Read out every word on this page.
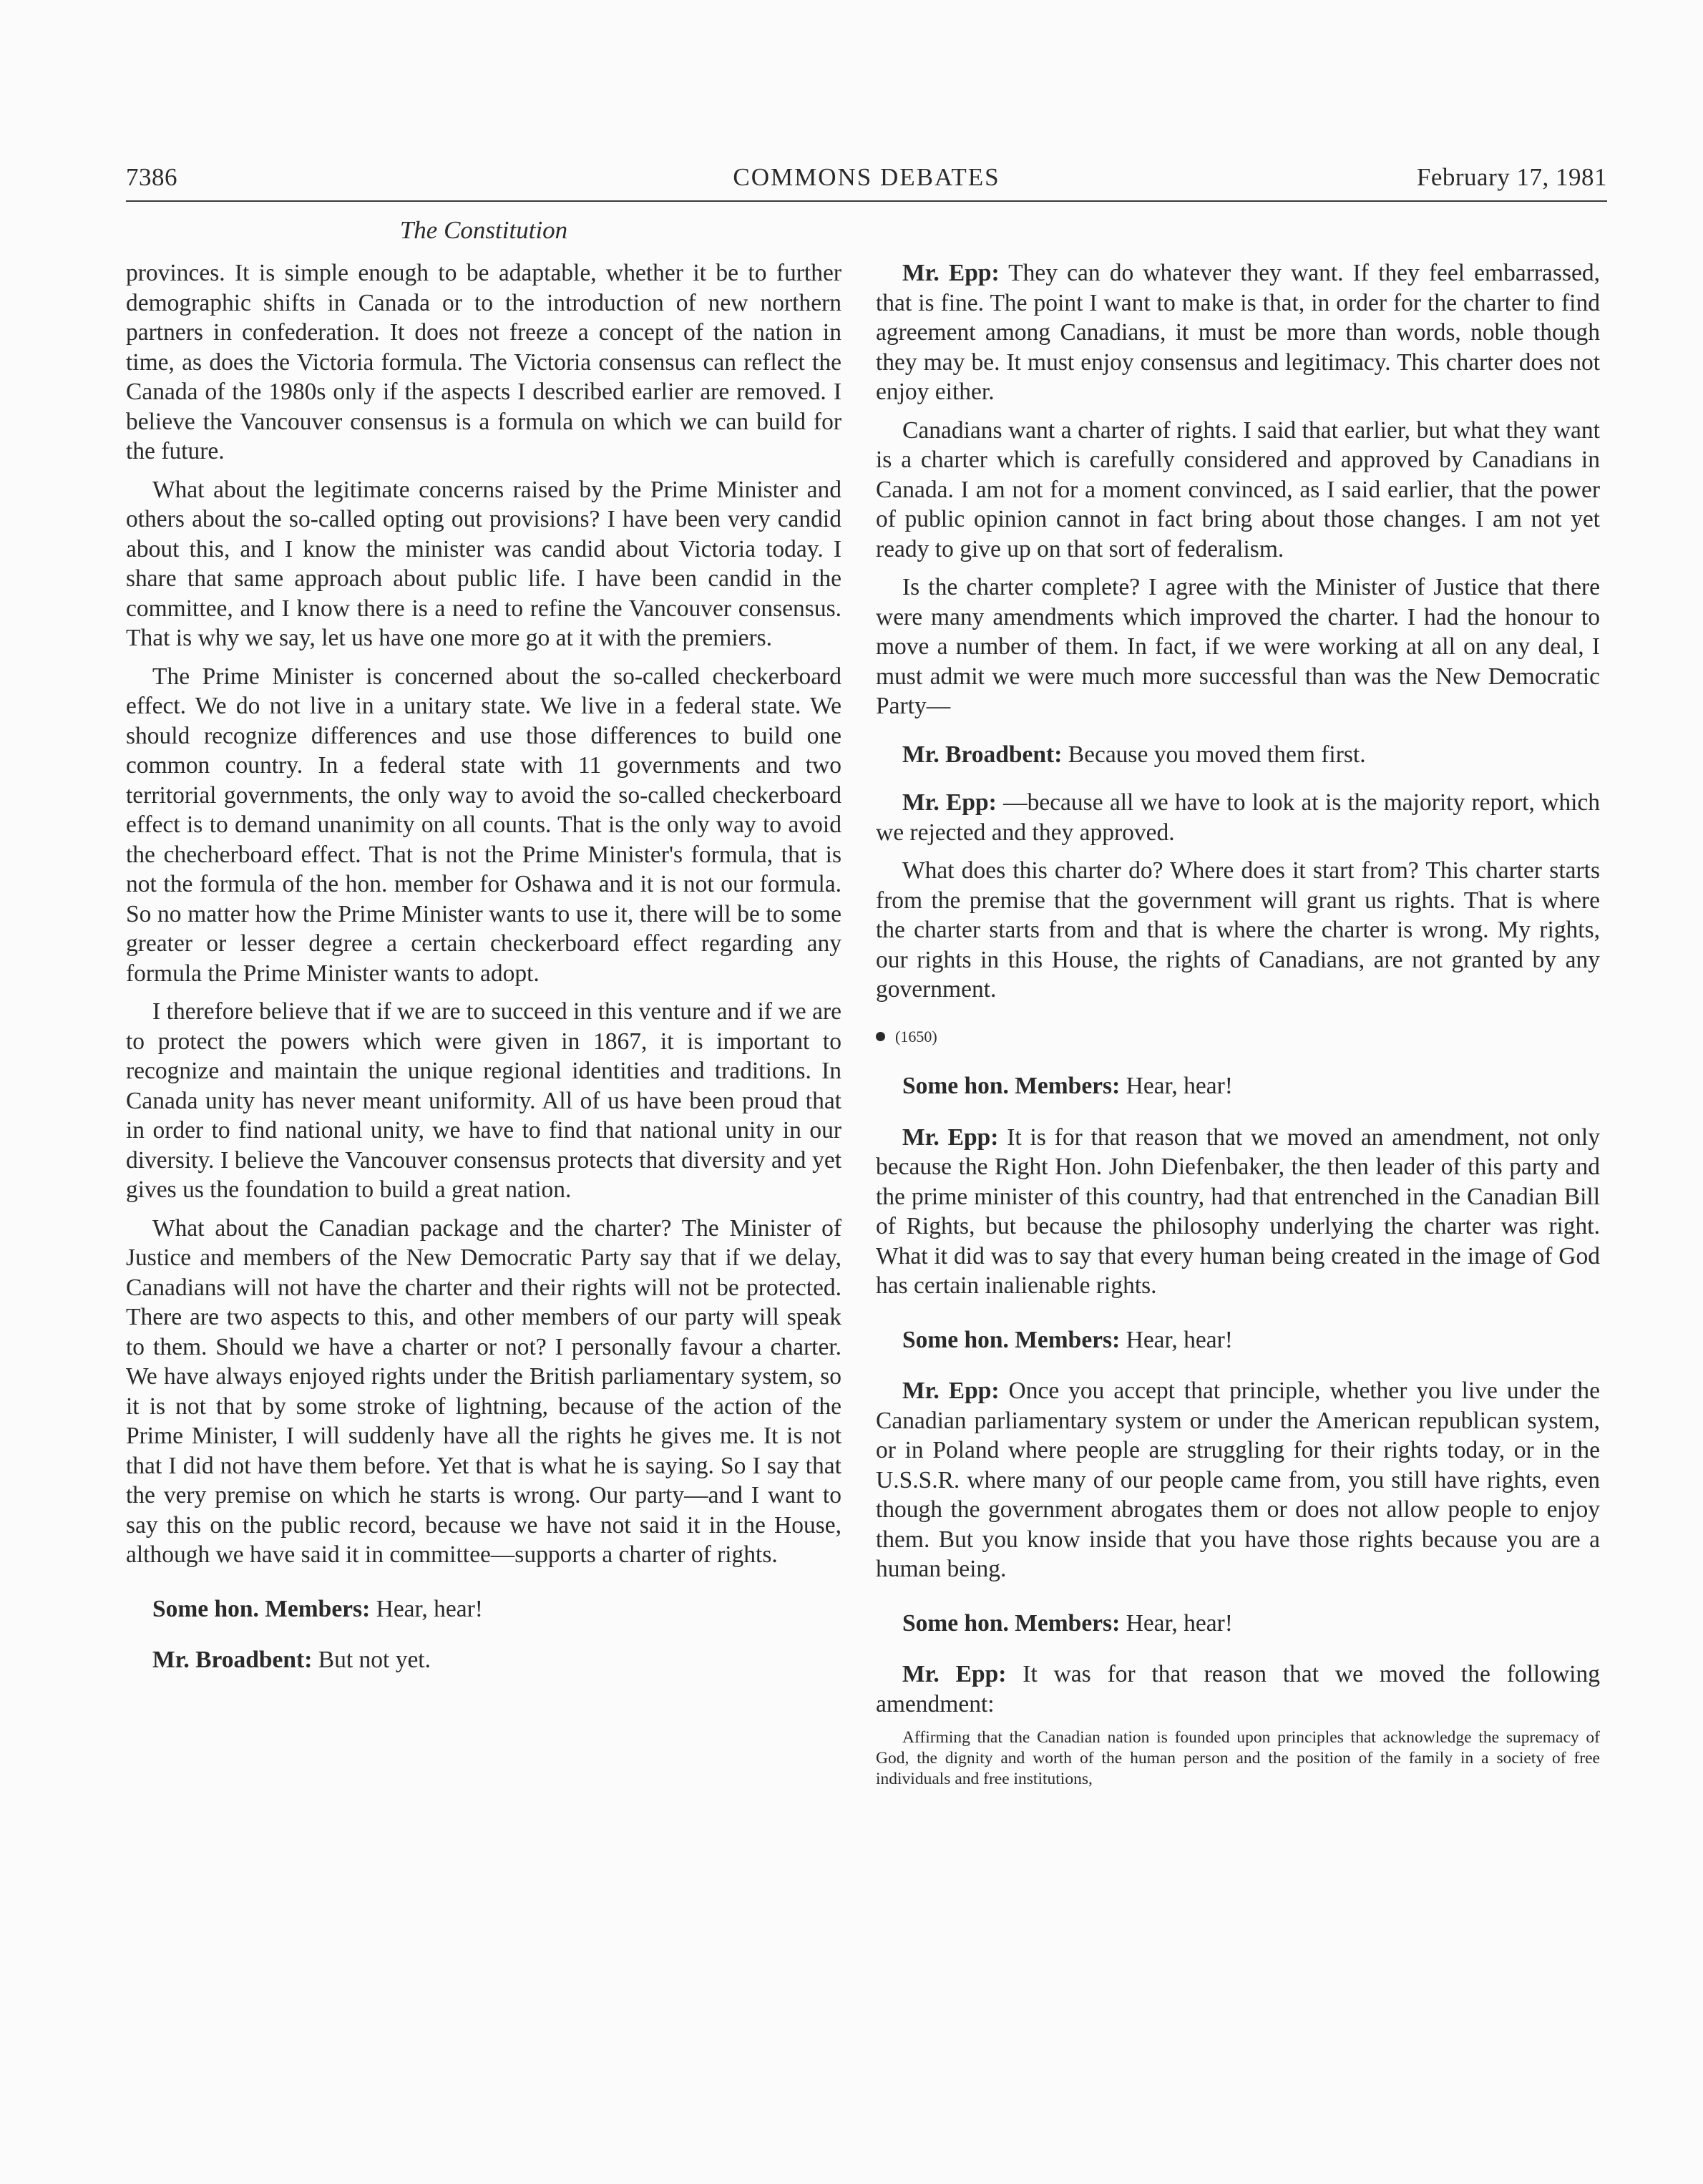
7386	COMMONS DEBATES	February 17, 1981
The Constitution

provinces. It is simple enough to be adaptable, whether it be to further demographic shifts in Canada or to the introduction of new northern partners in confederation. It does not freeze a concept of the nation in time, as does the Victoria formula. The Victoria consensus can reflect the Canada of the 1980s only if the aspects I described earlier are removed. I believe the Vancouver consensus is a formula on which we can build for the future.

What about the legitimate concerns raised by the Prime Minister and others about the so-called opting out provisions? I have been very candid about this, and I know the minister was candid about Victoria today. I share that same approach about public life. I have been candid in the committee, and I know there is a need to refine the Vancouver consensus. That is why we say, let us have one more go at it with the premiers.

The Prime Minister is concerned about the so-called checkerboard effect. We do not live in a unitary state. We live in a federal state. We should recognize differences and use those differences to build one common country. In a federal state with 11 governments and two territorial governments, the only way to avoid the so-called checkerboard effect is to demand unanimity on all counts. That is the only way to avoid the checherboard effect. That is not the Prime Minister's formula, that is not the formula of the hon. member for Oshawa and it is not our formula. So no matter how the Prime Minister wants to use it, there will be to some greater or lesser degree a certain checkerboard effect regarding any formula the Prime Minister wants to adopt.

I therefore believe that if we are to succeed in this venture and if we are to protect the powers which were given in 1867, it is important to recognize and maintain the unique regional identities and traditions. In Canada unity has never meant uniformity. All of us have been proud that in order to find national unity, we have to find that national unity in our diversity. I believe the Vancouver consensus protects that diversity and yet gives us the foundation to build a great nation.

What about the Canadian package and the charter? The Minister of Justice and members of the New Democratic Party say that if we delay, Canadians will not have the charter and their rights will not be protected. There are two aspects to this, and other members of our party will speak to them. Should we have a charter or not? I personally favour a charter. We have always enjoyed rights under the British parliamentary system, so it is not that by some stroke of lightning, because of the action of the Prime Minister, I will suddenly have all the rights he gives me. It is not that I did not have them before. Yet that is what he is saying. So I say that the very premise on which he starts is wrong. Our party—and I want to say this on the public record, because we have not said it in the House, although we have said it in committee—supports a charter of rights.

Some hon. Members: Hear, hear!

Mr. Broadbent: But not yet.

Mr. Epp: They can do whatever they want. If they feel embarrassed, that is fine. The point I want to make is that, in order for the charter to find agreement among Canadians, it must be more than words, noble though they may be. It must enjoy consensus and legitimacy. This charter does not enjoy either.

Canadians want a charter of rights. I said that earlier, but what they want is a charter which is carefully considered and approved by Canadians in Canada. I am not for a moment convinced, as I said earlier, that the power of public opinion cannot in fact bring about those changes. I am not yet ready to give up on that sort of federalism.

Is the charter complete? I agree with the Minister of Justice that there were many amendments which improved the charter. I had the honour to move a number of them. In fact, if we were working at all on any deal, I must admit we were much more successful than was the New Democratic Party—

Mr. Broadbent: Because you moved them first.

Mr. Epp: —because all we have to look at is the majority report, which we rejected and they approved.

What does this charter do? Where does it start from? This charter starts from the premise that the government will grant us rights. That is where the charter starts from and that is where the charter is wrong. My rights, our rights in this House, the rights of Canadians, are not granted by any government.

(1650)

Some hon. Members: Hear, hear!

Mr. Epp: It is for that reason that we moved an amendment, not only because the Right Hon. John Diefenbaker, the then leader of this party and the prime minister of this country, had that entrenched in the Canadian Bill of Rights, but because the philosophy underlying the charter was right. What it did was to say that every human being created in the image of God has certain inalienable rights.

Some hon. Members: Hear, hear!

Mr. Epp: Once you accept that principle, whether you live under the Canadian parliamentary system or under the American republican system, or in Poland where people are struggling for their rights today, or in the U.S.S.R. where many of our people came from, you still have rights, even though the government abrogates them or does not allow people to enjoy them. But you know inside that you have those rights because you are a human being.

Some hon. Members: Hear, hear!

Mr. Epp: It was for that reason that we moved the following amendment:

Affirming that the Canadian nation is founded upon principles that acknowledge the supremacy of God, the dignity and worth of the human person and the position of the family in a society of free individuals and free institutions,
